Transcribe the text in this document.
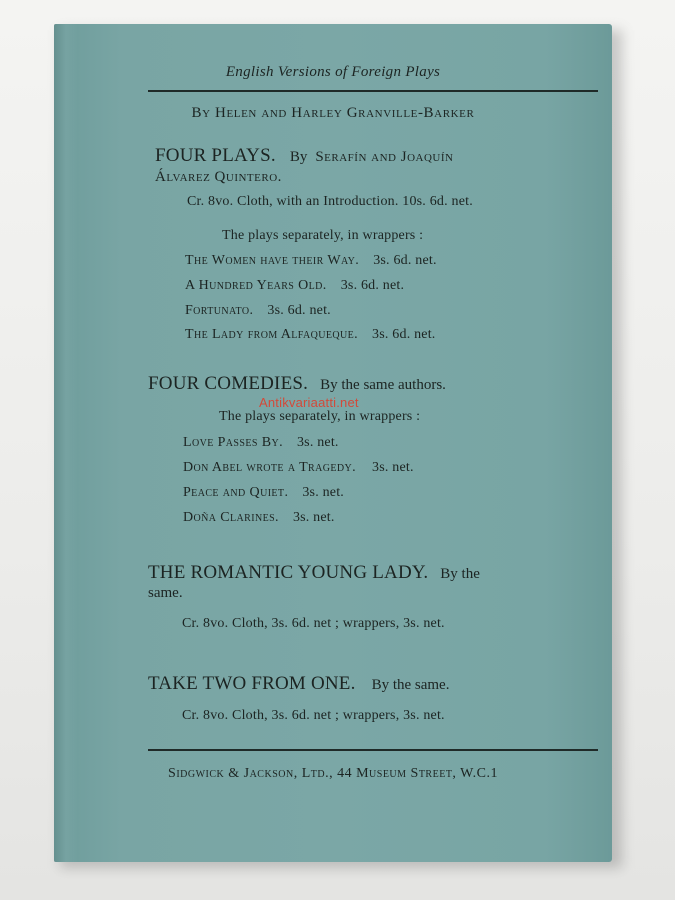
English Versions of Foreign Plays
By Helen and Harley Granville-Barker
FOUR PLAYS. By Serafín and Joaquín
Álvarez Quintero.
Cr. 8vo. Cloth, with an Introduction. 10s. 6d. net.
The plays separately, in wrappers :
The Women have their Way. 3s. 6d. net.
A Hundred Years Old. 3s. 6d. net.
Fortunato. 3s. 6d. net.
The Lady from Alfaqueque. 3s. 6d. net.
FOUR COMEDIES. By the same authors.
The plays separately, in wrappers :
Love Passes By. 3s. net.
Don Abel wrote a Tragedy. 3s. net.
Peace and Quiet. 3s. net.
Doña Clarines. 3s. net.
THE ROMANTIC YOUNG LADY. By the
same.
Cr. 8vo. Cloth, 3s. 6d. net ; wrappers, 3s. net.
TAKE TWO FROM ONE. By the same.
Cr. 8vo. Cloth, 3s. 6d. net ; wrappers, 3s. net.
Sidgwick & Jackson, Ltd., 44 Museum Street, W.C.1
Antikvariaatti.net
